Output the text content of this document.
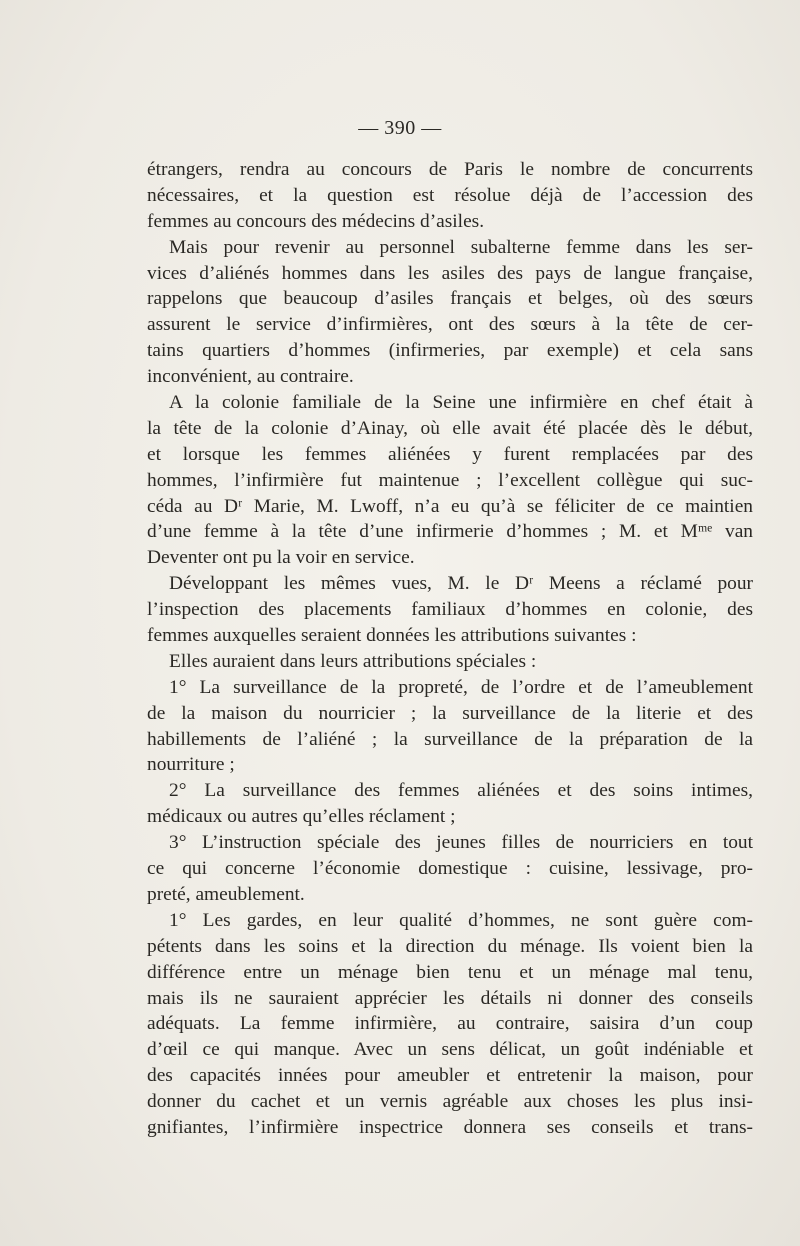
— 390 —
étrangers, rendra au concours de Paris le nombre de concurrents
nécessaires, et la question est résolue déjà de l’accession des
femmes au concours des médecins d’asiles.
Mais pour revenir au personnel subalterne femme dans les ser-
vices d’aliénés hommes dans les asiles des pays de langue française,
rappelons que beaucoup d’asiles français et belges, où des sœurs
assurent le service d’infirmières, ont des sœurs à la tête de cer-
tains quartiers d’hommes (infirmeries, par exemple) et cela sans
inconvénient, au contraire.
A la colonie familiale de la Seine une infirmière en chef était à
la tête de la colonie d’Ainay, où elle avait été placée dès le début,
et lorsque les femmes aliénées y furent remplacées par des
hommes, l’infirmière fut maintenue ; l’excellent collègue qui suc-
céda au Dʳ Marie, M. Lwoff, n’a eu qu’à se féliciter de ce maintien
d’une femme à la tête d’une infirmerie d’hommes ; M. et Mᵐᵉ van
Deventer ont pu la voir en service.
Développant les mêmes vues, M. le Dʳ Meens a réclamé pour
l’inspection des placements familiaux d’hommes en colonie, des
femmes auxquelles seraient données les attributions suivantes :
Elles auraient dans leurs attributions spéciales :
1° La surveillance de la propreté, de l’ordre et de l’ameublement
de la maison du nourricier ; la surveillance de la literie et des
habillements de l’aliéné ; la surveillance de la préparation de la
nourriture ;
2° La surveillance des femmes aliénées et des soins intimes,
médicaux ou autres qu’elles réclament ;
3° L’instruction spéciale des jeunes filles de nourriciers en tout
ce qui concerne l’économie domestique : cuisine, lessivage, pro-
preté, ameublement.
1° Les gardes, en leur qualité d’hommes, ne sont guère com-
pétents dans les soins et la direction du ménage. Ils voient bien la
différence entre un ménage bien tenu et un ménage mal tenu,
mais ils ne sauraient apprécier les détails ni donner des conseils
adéquats. La femme infirmière, au contraire, saisira d’un coup
d’œil ce qui manque. Avec un sens délicat, un goût indéniable et
des capacités innées pour ameubler et entretenir la maison, pour
donner du cachet et un vernis agréable aux choses les plus insi-
gnifiantes, l’infirmière inspectrice donnera ses conseils et trans-
